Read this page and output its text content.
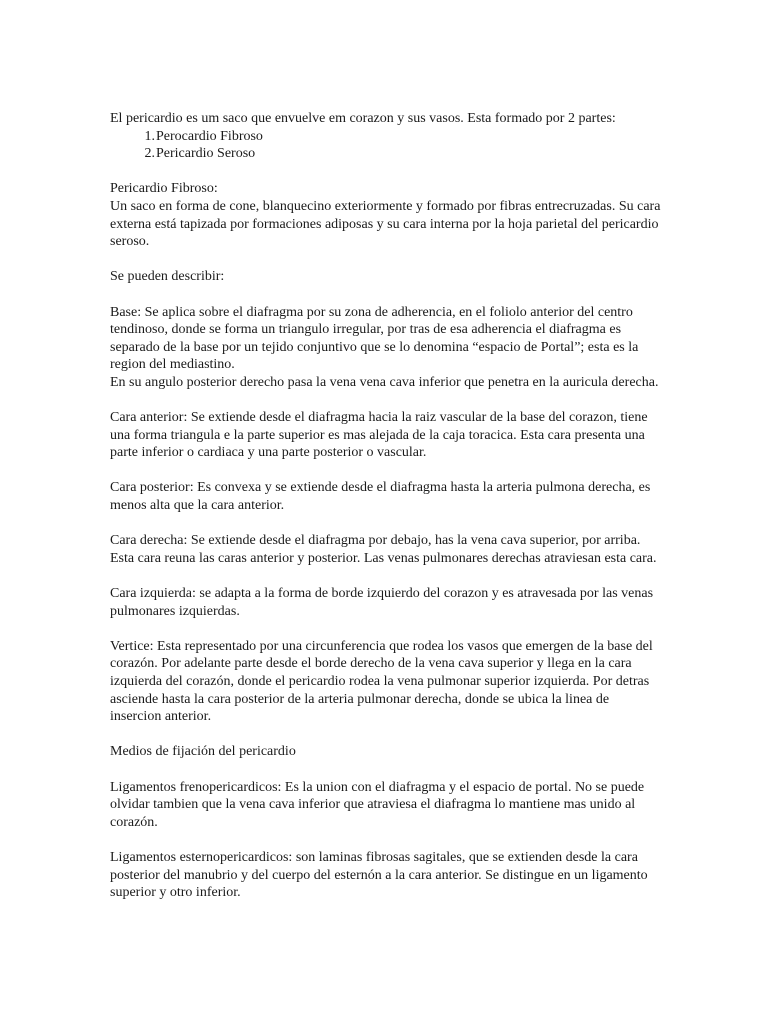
El pericardio es um saco que envuelve em corazon y sus vasos. Esta formado por 2 partes:

1. Perocardio Fibroso
2. Pericardio Seroso

Pericardio Fibroso:

Un saco en forma de cone, blanquecino exteriormente y formado por fibras entrecruzadas. Su cara externa está tapizada por formaciones adiposas y su cara interna por la hoja parietal del pericardio seroso.

Se pueden describir:

Base: Se aplica sobre el diafragma por su zona de adherencia, en el foliolo anterior del centro tendinoso, donde se forma un triangulo irregular, por tras de esa adherencia el diafragma es separado de la base por un tejido conjuntivo que se lo denomina “espacio de Portal”; esta es la region del mediastino.

En su angulo posterior derecho pasa la vena vena cava inferior que penetra en la auricula derecha.

Cara anterior: Se extiende desde el diafragma hacia la raiz vascular de la base del corazon, tiene una forma triangula e la parte superior es mas alejada de la caja toracica. Esta cara presenta una parte inferior o cardiaca y una parte posterior o vascular.

Cara posterior: Es convexa y se extiende desde el diafragma hasta la arteria pulmona derecha, es menos alta que la cara anterior.

Cara derecha: Se extiende desde el diafragma por debajo, has la vena cava superior, por arriba. Esta cara reuna las caras anterior y posterior. Las venas pulmonares derechas atraviesan esta cara.

Cara izquierda: se adapta a la forma de borde izquierdo del corazon y es atravesada por las venas pulmonares izquierdas.

Vertice: Esta representado por una circunferencia que rodea los vasos que emergen de la base del corazón. Por adelante parte desde el borde derecho de la vena cava superior y llega en la cara izquierda del corazón, donde el pericardio rodea la vena pulmonar superior izquierda. Por detras asciende hasta la cara posterior de la arteria pulmonar derecha, donde se ubica la linea de insercion anterior.

Medios de fijación del pericardio

Ligamentos frenopericardicos: Es la union con el diafragma y el espacio de portal. No se puede olvidar tambien que la vena cava inferior que atraviesa el diafragma lo mantiene mas unido al corazón.

Ligamentos esternopericardicos: son laminas fibrosas sagitales, que se extienden desde la cara posterior del manubrio y del cuerpo del esternón a la cara anterior. Se distingue en un ligamento superior y otro inferior.
